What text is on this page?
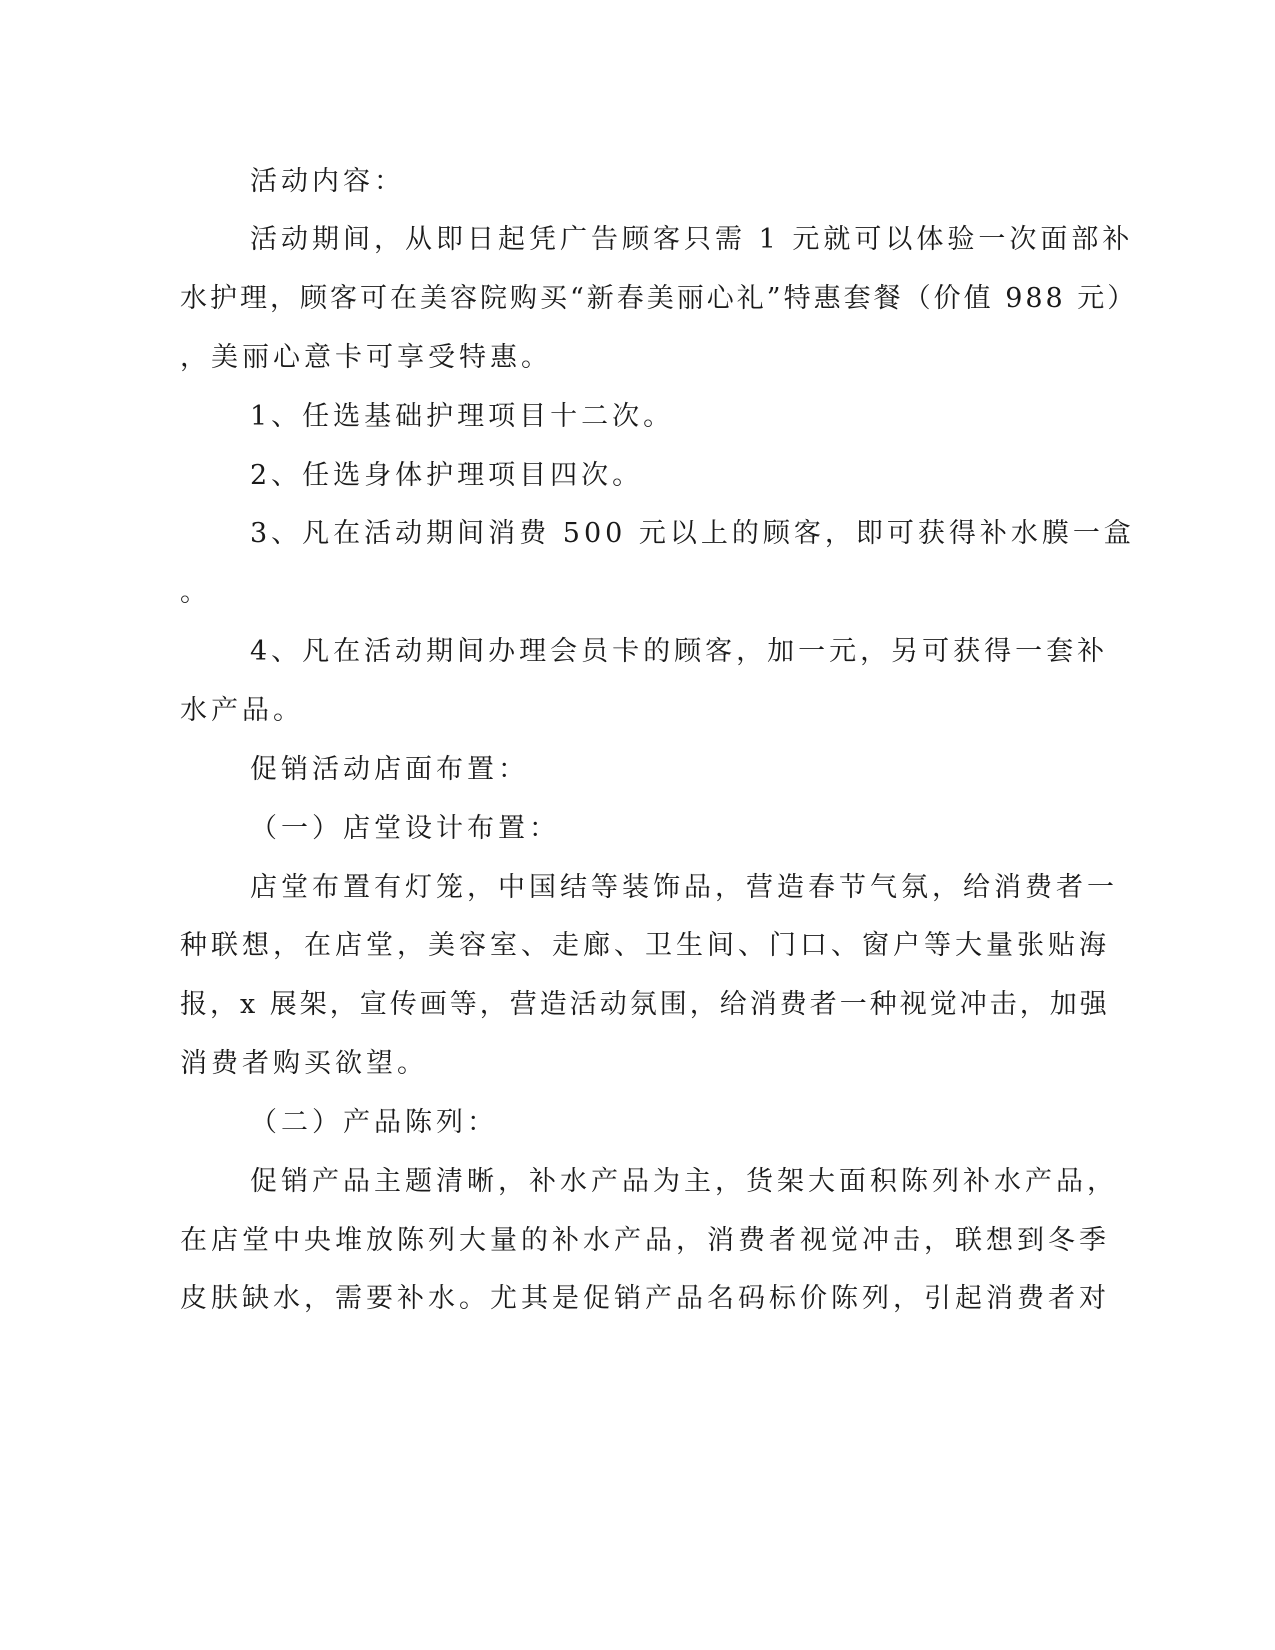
活动内容：
活动期间，从即日起凭广告顾客只需 1 元就可以体验一次面部补
水护理，顾客可在美容院购买“新春美丽心礼”特惠套餐（价值 988 元）
，美丽心意卡可享受特惠。
1、任选基础护理项目十二次。
2、任选身体护理项目四次。
3、凡在活动期间消费 500 元以上的顾客，即可获得补水膜一盒
。
4、凡在活动期间办理会员卡的顾客，加一元，另可获得一套补
水产品。
促销活动店面布置：
（一）店堂设计布置：
店堂布置有灯笼，中国结等装饰品，营造春节气氛，给消费者一
种联想，在店堂，美容室、走廊、卫生间、门口、窗户等大量张贴海
报，x 展架，宣传画等，营造活动氛围，给消费者一种视觉冲击，加强
消费者购买欲望。
（二）产品陈列：
促销产品主题清晰，补水产品为主，货架大面积陈列补水产品，
在店堂中央堆放陈列大量的补水产品，消费者视觉冲击，联想到冬季
皮肤缺水，需要补水。尤其是促销产品名码标价陈列，引起消费者对
